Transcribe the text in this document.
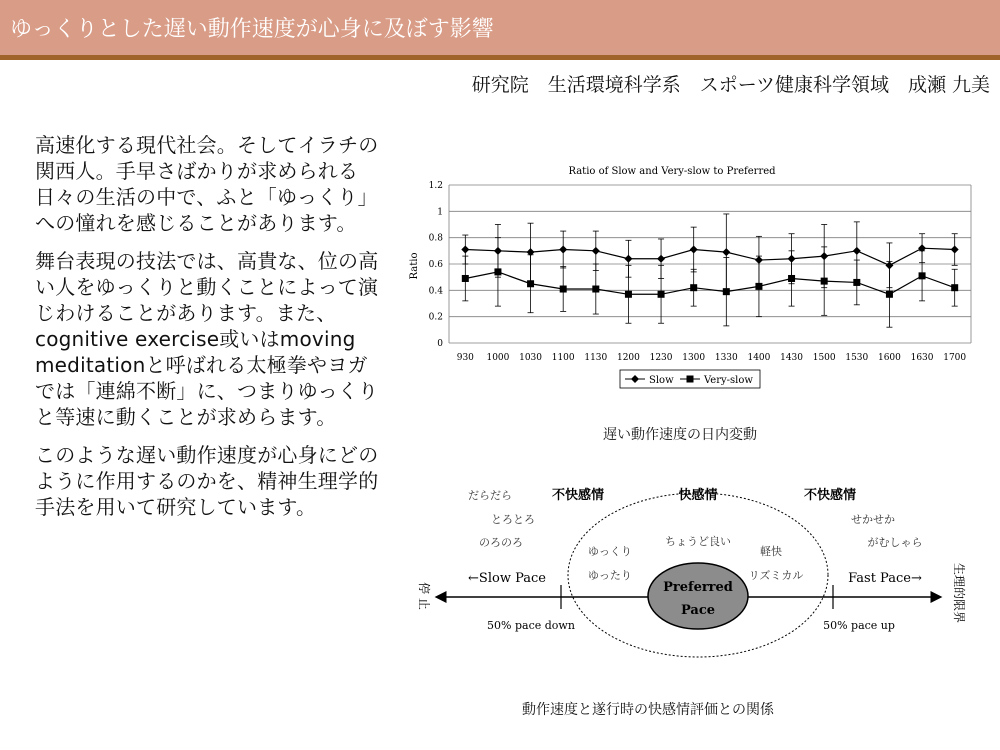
ゆっくりとした遅い動作速度が心身に及ぼす影響
研究院　生活環境科学系　スポーツ健康科学領域　成瀬 九美

高速化する現代社会。そしてイラチの関西人。手早さばかりが求められる日々の生活の中で、ふと「ゆっくり」への憧れを感じることがあります。

舞台表現の技法では、高貴な、位の高い人をゆっくりと動くことによって演じわけることがあります。また、cognitive exercise或いはmoving meditationと呼ばれる太極拳やヨガでは「連綿不断」に、つまりゆっくりと等速に動くことが求めらます。

このような遅い動作速度が心身にどのように作用するのかを、精神生理学的手法を用いて研究しています。

Ratio of Slow and Very-slow to Preferred
Ratio
0
0.2
0.4
0.6
0.8
1
1.2
930 1000 1030 1100 1130 1200 1230 1300 1330 1400 1430 1500 1530 1600 1630 1700
Slow	Very-slow
遅い動作速度の日内変動
Preferred
Pace
不快感情	快感情	不快感情
だらだら
とろとろ
のろのろ
せかせか
がむしゃら
ゆっくり
ゆったり
ちょうど良い
軽快
リズミカル
←Slow Pace	Fast Pace→
50% pace down	50% pace up
停 止	生理的限界
動作速度と遂行時の快感情評価との関係
